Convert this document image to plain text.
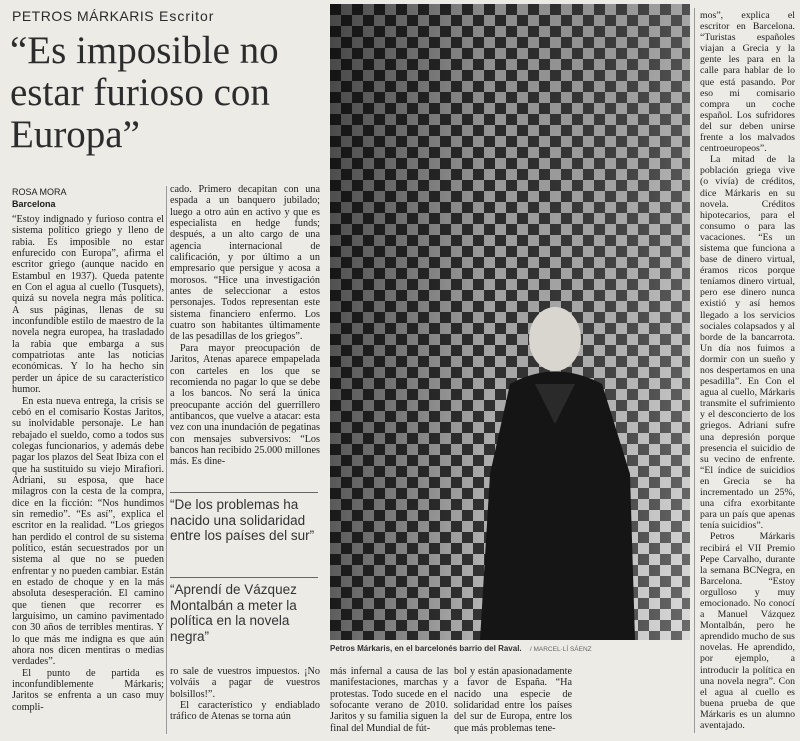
PETROS MÁRKARIS Escritor
“Es imposible no estar furioso con Europa”
ROSA MORA
Barcelona

“Estoy indignado y furioso contra el sistema político griego y lleno de rabia. Es imposible no estar enfurecido con Europa”, afirma el escritor griego (aunque nacido en Estambul en 1937). Queda patente en Con el agua al cuello (Tusquets), quizá su novela negra más política. A sus páginas, llenas de su inconfundible estilo de maestro de la novela negra europea, ha trasladado la rabia que embarga a sus compatriotas ante las noticias económicas. Y lo ha hecho sin perder un ápice de su característico humor.

En esta nueva entrega, la crisis se cebó en el comisario Kostas Jaritos, su inolvidable personaje. Le han rebajado el sueldo, como a todos sus colegas funcionarios, y además debe pagar los plazos del Seat Ibiza con el que ha sustituido su viejo Mirafiori. Adriani, su esposa, que hace milagros con la cesta de la compra, dice en la ficción: “Nos hundimos sin remedio”. “Es así”, explica el escritor en la realidad. “Los griegos han perdido el control de su sistema político, están secuestrados por un sistema al que no se pueden enfrentar y no pueden cambiar. Están en estado de choque y en la más absoluta desesperación. El camino que tienen que recorrer es larguísimo, un camino pavimentado con 30 años de terribles mentiras. Y lo que más me indigna es que aún ahora nos dicen mentiras o medias verdades”.

El punto de partida es inconfundiblemente Márkaris; Jaritos se enfrenta a un caso muy compli-

cado. Primero decapitan con una espada a un banquero jubilado; luego a otro aún en activo y que es especialista en hedge funds; después, a un alto cargo de una agencia internacional de calificación, y por último a un empresario que persigue y acosa a morosos. “Hice una investigación antes de seleccionar a estos personajes. Todos representan este sistema financiero enfermo. Los cuatro son habitantes últimamente de las pesadillas de los griegos”.

Para mayor preocupación de Jaritos, Atenas aparece empapelada con carteles en los que se recomienda no pagar lo que se debe a los bancos. No será la única preocupante acción del guerrillero antibancos, que vuelve a atacar: esta vez con una inundación de pegatinas con mensajes subversivos: “Los bancos han recibido 25.000 millones más. Es dine-

“De los problemas ha nacido una solidaridad entre los países del sur”
“Aprendí de Vázquez Montalbán a meter la política en la novela negra”

ro sale de vuestros impuestos. ¡No volváis a pagar de vuestros bolsillos!”.

El característico y endiablado tráfico de Atenas se torna aún

Petros Márkaris, en el barcelonés barrio del Raval. / MARCEL·LÍ SÁENZ

más infernal a causa de las manifestaciones, marchas y protestas. Todo sucede en el sofocante verano de 2010. Jaritos y su familia siguen la final del Mundial de fút-

bol y están apasionadamente a favor de España. “Ha nacido una especie de solidaridad entre los países del sur de Europa, entre los que más problemas tene-

mos”, explica el escritor en Barcelona. “Turistas españoles viajan a Grecia y la gente les para en la calle para hablar de lo que está pasando. Por eso mi comisario compra un coche español. Los sufridores del sur deben unirse frente a los malvados centroeuropeos”.

La mitad de la población griega vive (o vivía) de créditos, dice Márkaris en su novela. Créditos hipotecarios, para el consumo o para las vacaciones. “Es un sistema que funciona a base de dinero virtual, éramos ricos porque teníamos dinero virtual, pero ese dinero nunca existió y así hemos llegado a los servicios sociales colapsados y al borde de la bancarrota. Un día nos fuimos a dormir con un sueño y nos despertamos en una pesadilla”. En Con el agua al cuello, Márkaris transmite el sufrimiento y el desconcierto de los griegos. Adriani sufre una depresión porque presencia el suicidio de su vecino de enfrente. “El índice de suicidios en Grecia se ha incrementado un 25%, una cifra exorbitante para un país que apenas tenía suicidios”.

Petros Márkaris recibirá el VII Premio Pepe Carvalho, durante la semana BCNegra, en Barcelona. “Estoy orgulloso y muy emocionado. No conocí a Manuel Vázquez Montalbán, pero he aprendido mucho de sus novelas. He aprendido, por ejemplo, a introducir la política en una novela negra”. Con el agua al cuello es buena prueba de que Márkaris es un alumno aventajado.
